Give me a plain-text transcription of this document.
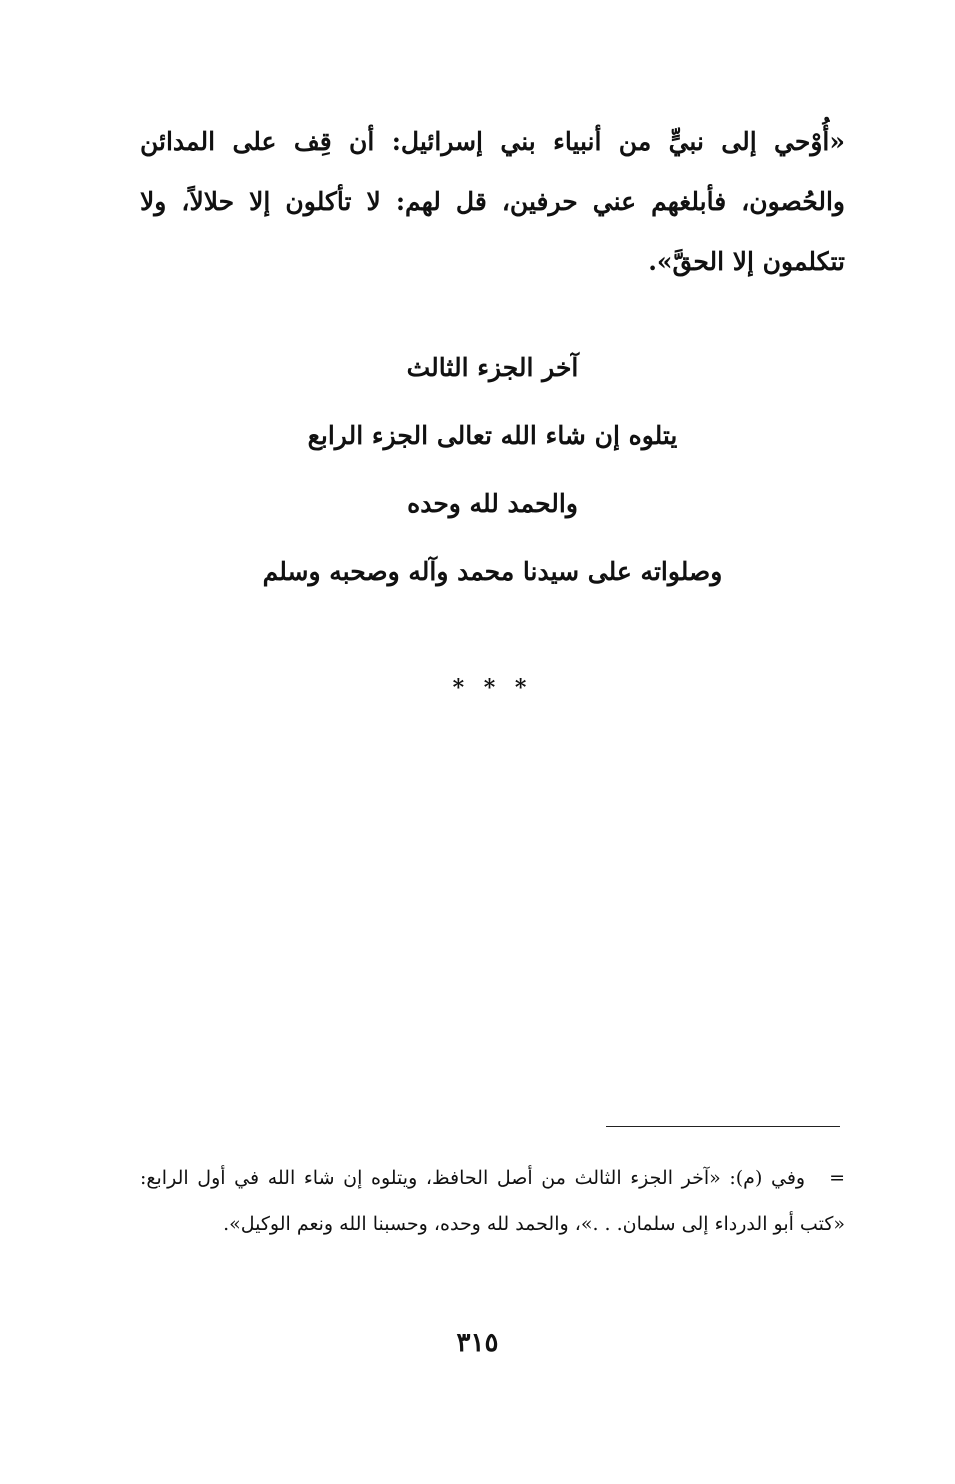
«أُوْحي إلى نبيٍّ من أنبياء بني إسرائيل: أن قِف على المدائن والحُصون، فأبلغهم عني حرفين، قل لهم: لا تأكلون إلا حلالاً، ولا تتكلمون إلا الحقَّ».

آخر الجزء الثالث
يتلوه إن شاء الله تعالى الجزء الرابع
والحمد لله وحده
وصلواته على سيدنا محمد وآله وصحبه وسلم
* * *

=وفي (م): «آخر الجزء الثالث من أصل الحافظ، ويتلوه إن شاء الله في أول الرابع: «كتب أبو الدرداء إلى سلمان. . .»، والحمد لله وحده، وحسبنا الله ونعم الوكيل».

٣١٥
